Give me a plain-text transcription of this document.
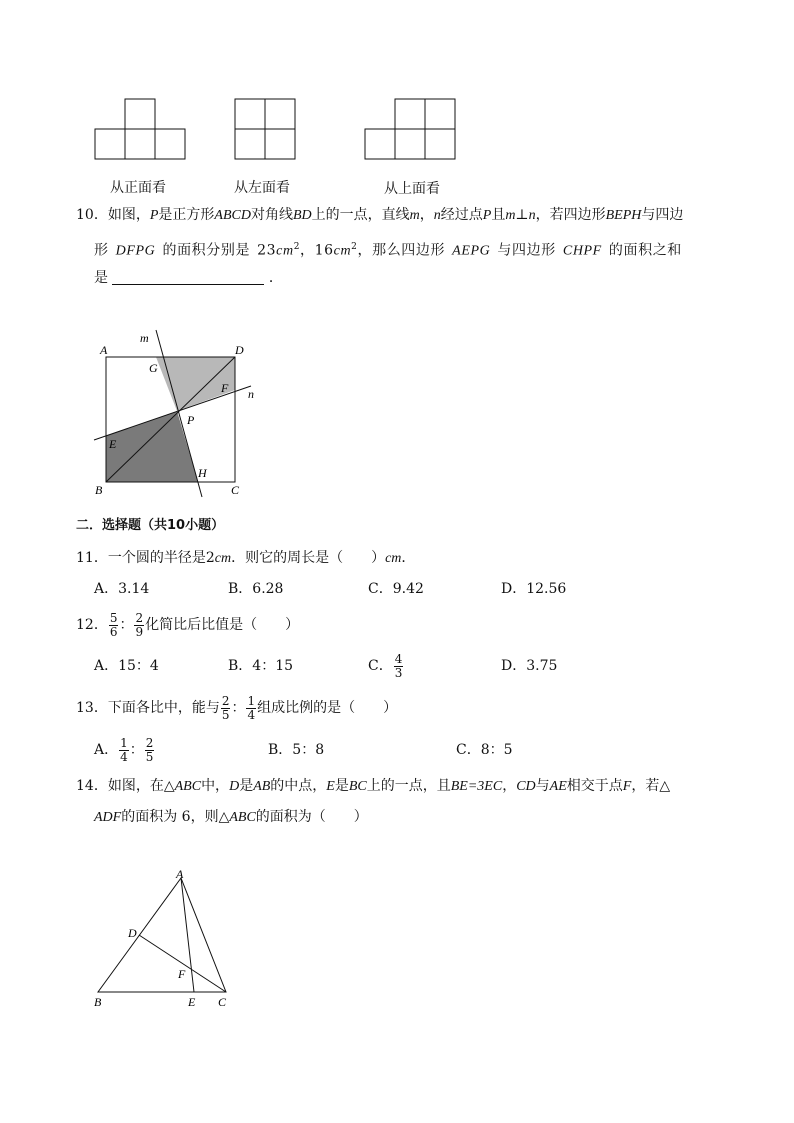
从正面看	从左面看	从上面看
10．如图，P是正方形ABCD对角线BD上的一点，直线m，n经过点P且m⊥n，若四边形BEPH与四边
形 DFPG 的面积分别是 $23cm^2$，$16cm^2$，那么四边形 AEPG 与四边形 CHPF 的面积之和
是	．
m
A	D
G
F n
P
E
H
B	C
二．选择题（共10小题）
11．一个圆的半径是2cm．则它的周长是（　　）cm．
A．3.14	B．6.28	C．9.42	D．12.56
12． $\frac{5}{6}$ ： $\frac{2}{9}$ 化简比后比值是（　　）
A．15：4	B．4：15	C． $\frac{4}{3}$	D．3.75
13．下面各比中，能与 $\frac{2}{5}$ ： $\frac{1}{4}$ 组成比例的是（　　）
A． $\frac{1}{4}$ ： $\frac{2}{5}$	B．5：8	C．8：5
14．如图，在△ABC中，D是AB的中点，E是BC上的一点，且BE=3EC，CD与AE相交于点F，若△
ADF的面积为 6，则△ABC的面积为（　　）
A
D
F
B	E C
